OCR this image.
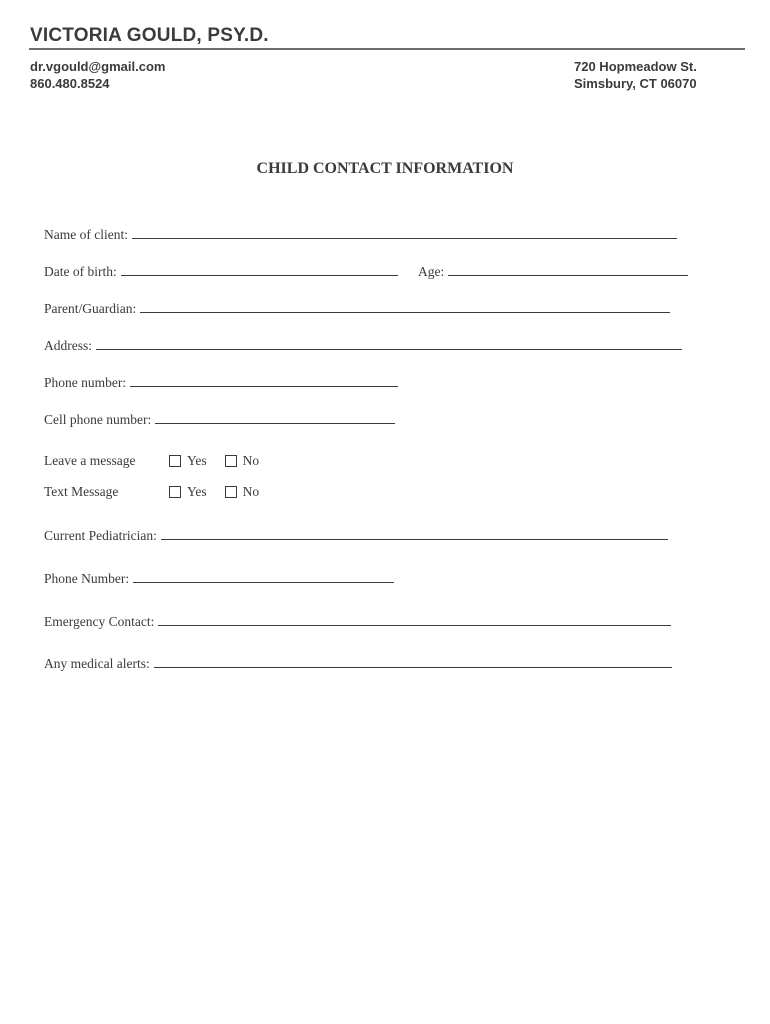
VICTORIA GOULD, PSY.D.
dr.vgould@gmail.com
860.480.8524
720 Hopmeadow St.
Simsbury, CT 06070
CHILD CONTACT INFORMATION
Name of client:
Date of birth:	Age:
Parent/Guardian:
Address:
Phone number:
Cell phone number:
Leave a message	Yes	No
Text Message	Yes	No
Current Pediatrician:
Phone Number:
Emergency Contact:
Any medical alerts:
